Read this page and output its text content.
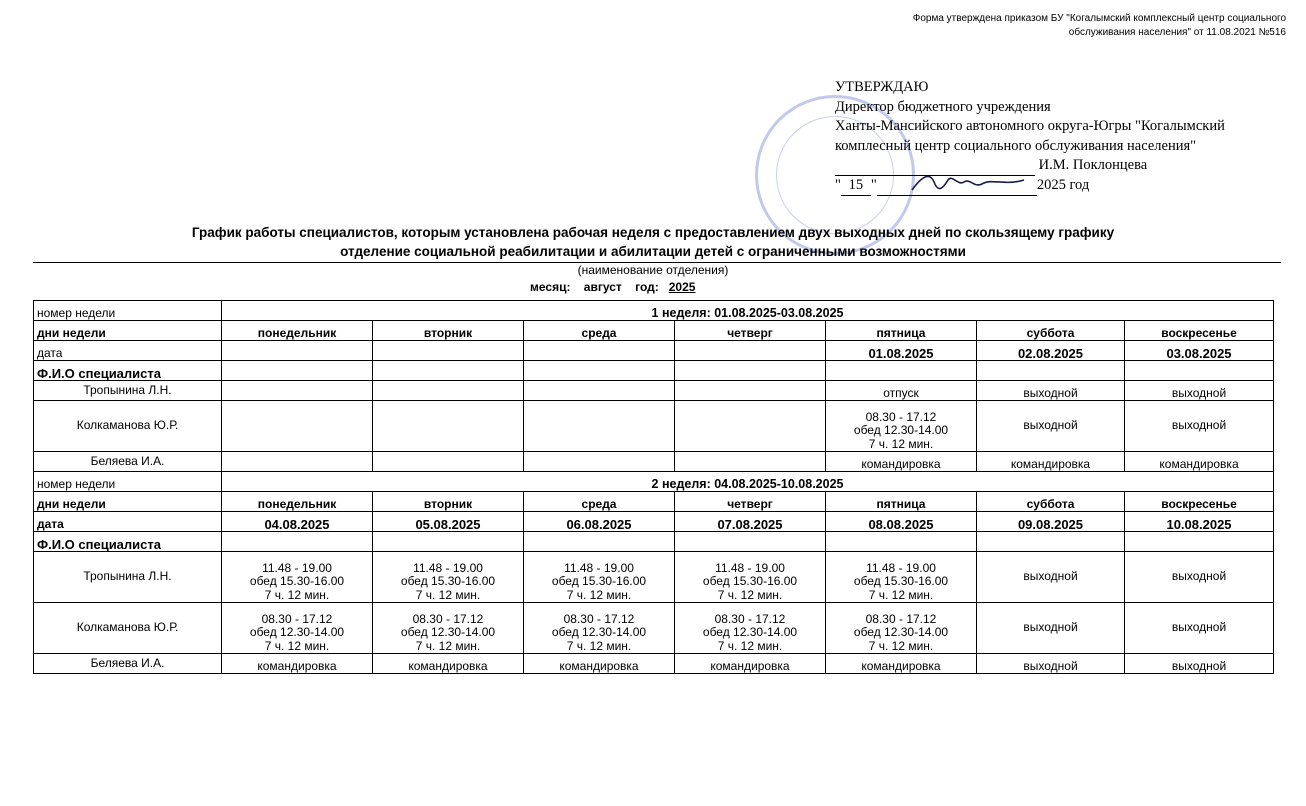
Форма утверждена приказом БУ "Когалымский комплексный центр социального
обслуживания населения" от 11.08.2021 №516
УТВЕРЖДАЮ
Директор бюджетного учреждения
Ханты-Мансийского автономного округа-Югры "Когалымский
комплесный центр социального обслуживания населения"
И.М. Поклонцева
" 15 "	2025 год
График работы специалистов, которым установлена рабочая неделя с предоставлением двух выходных дней по скользящему графику
отделение социальной реабилитации и абилитации детей с ограниченными возможностями
(наименование отделения)
месяц: август год: 2025
номер недели	1 неделя: 01.08.2025-03.08.2025						
дни недели	понедельник	вторник	среда	четверг	пятница	суббота	воскресенье
дата					01.08.2025	02.08.2025	03.08.2025
Ф.И.О специалиста							
Тропынина Л.Н.					отпуск	выходной	выходной
Колкаманова Ю.Р.					08.30 - 17.12
обед 12.30-14.00
7 ч. 12 мин.	выходной	выходной
Беляева И.А.					командировка	командировка	командировка
номер недели	2 неделя: 04.08.2025-10.08.2025						
дни недели	понедельник	вторник	среда	четверг	пятница	суббота	воскресенье
дата	04.08.2025	05.08.2025	06.08.2025	07.08.2025	08.08.2025	09.08.2025	10.08.2025
Ф.И.О специалиста							
Тропынина Л.Н.	11.48 - 19.00
обед 15.30-16.00
7 ч. 12 мин.	11.48 - 19.00
обед 15.30-16.00
7 ч. 12 мин.	11.48 - 19.00
обед 15.30-16.00
7 ч. 12 мин.	11.48 - 19.00
обед 15.30-16.00
7 ч. 12 мин.	11.48 - 19.00
обед 15.30-16.00
7 ч. 12 мин.	выходной	выходной
Колкаманова Ю.Р.	08.30 - 17.12
обед 12.30-14.00
7 ч. 12 мин.	08.30 - 17.12
обед 12.30-14.00
7 ч. 12 мин.	08.30 - 17.12
обед 12.30-14.00
7 ч. 12 мин.	08.30 - 17.12
обед 12.30-14.00
7 ч. 12 мин.	08.30 - 17.12
обед 12.30-14.00
7 ч. 12 мин.	выходной	выходной
Беляева И.А.	командировка	командировка	командировка	командировка	командировка	выходной	выходной
